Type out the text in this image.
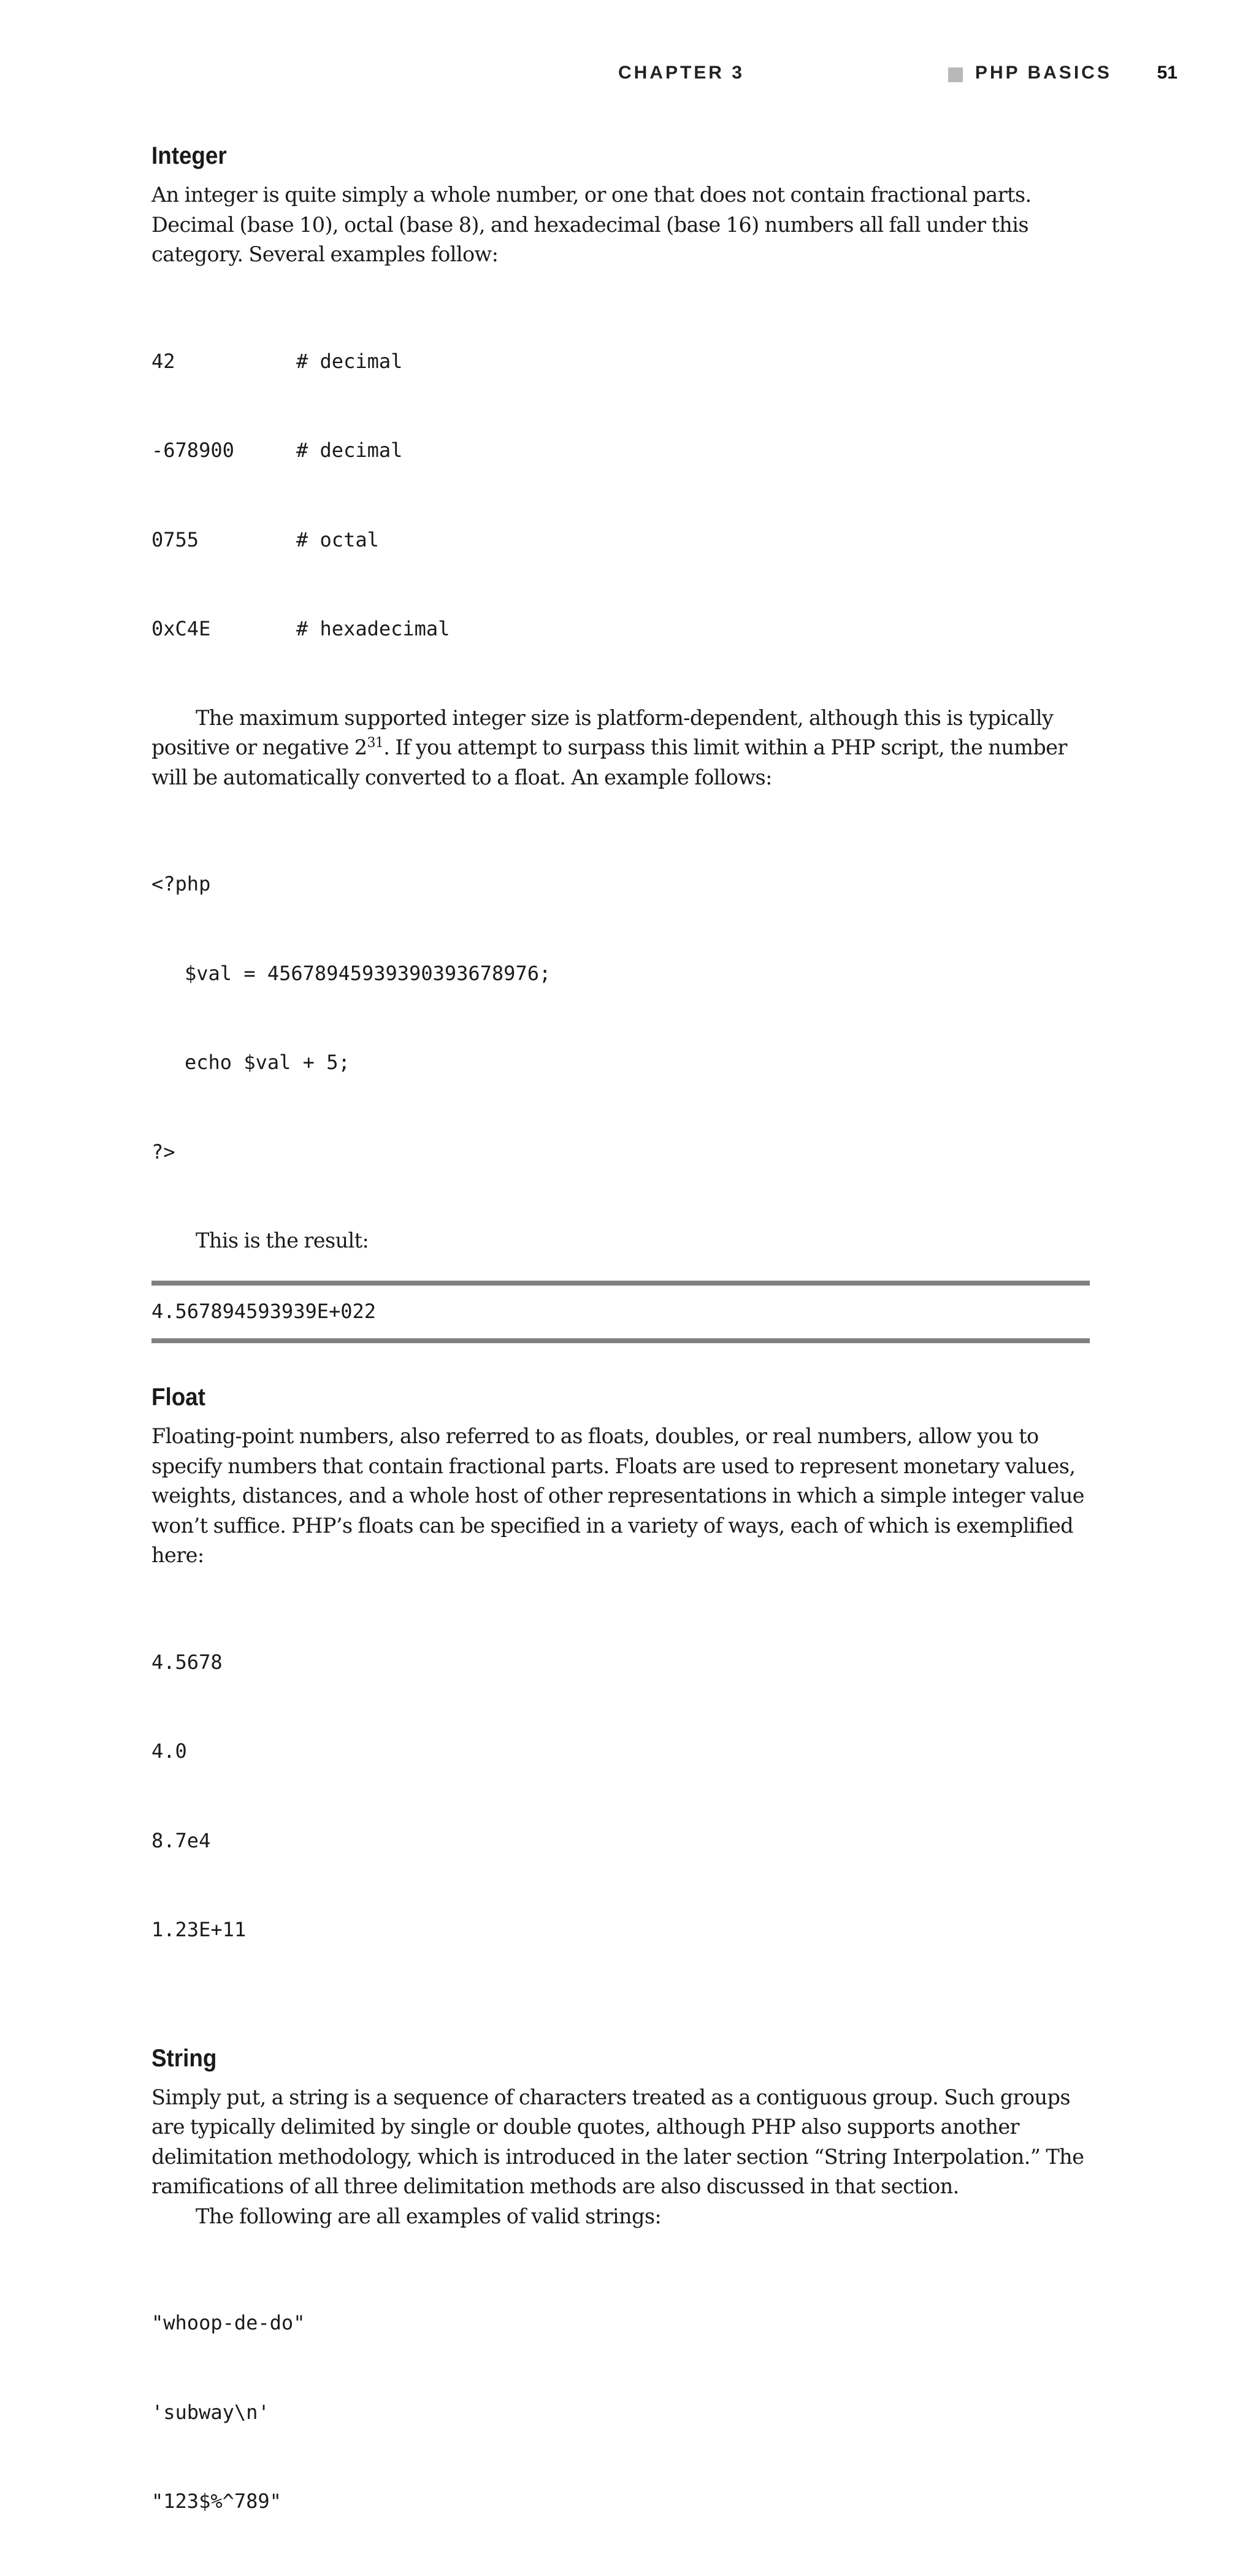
CHAPTER 3	PHP BASICS 51
Integer

An integer is quite simply a whole number, or one that does not contain fractional parts. Decimal (base 10), octal (base 8), and hexadecimal (base 16) numbers all fall under this category. Several examples follow:

42	# decimal

-678900	# decimal

0755	# octal

0xC4E	# hexadecimal

The maximum supported integer size is platform-dependent, although this is typically positive or negative $2^{31}$. If you attempt to surpass this limit within a PHP script, the number will be automatically converted to a float. An example follows:

<?php

$val = 45678945939390393678976;

echo $val + 5;

?>

This is the result:

4.567894593939E+022
Float

Floating-point numbers, also referred to as floats, doubles, or real numbers, allow you to specify numbers that contain fractional parts. Floats are used to represent monetary values, weights, distances, and a whole host of other representations in which a simple integer value won’t suffice. PHP’s floats can be specified in a variety of ways, each of which is exemplified here:

4.5678

4.0

8.7e4

1.23E+11

String

Simply put, a string is a sequence of characters treated as a contiguous group. Such groups are typically delimited by single or double quotes, although PHP also supports another delimitation methodology, which is introduced in the later section “String Interpolation.” The ramifications of all three delimitation methods are also discussed in that section.

The following are all examples of valid strings:

"whoop-de-do"

'subway\n'

"123$%^789"
